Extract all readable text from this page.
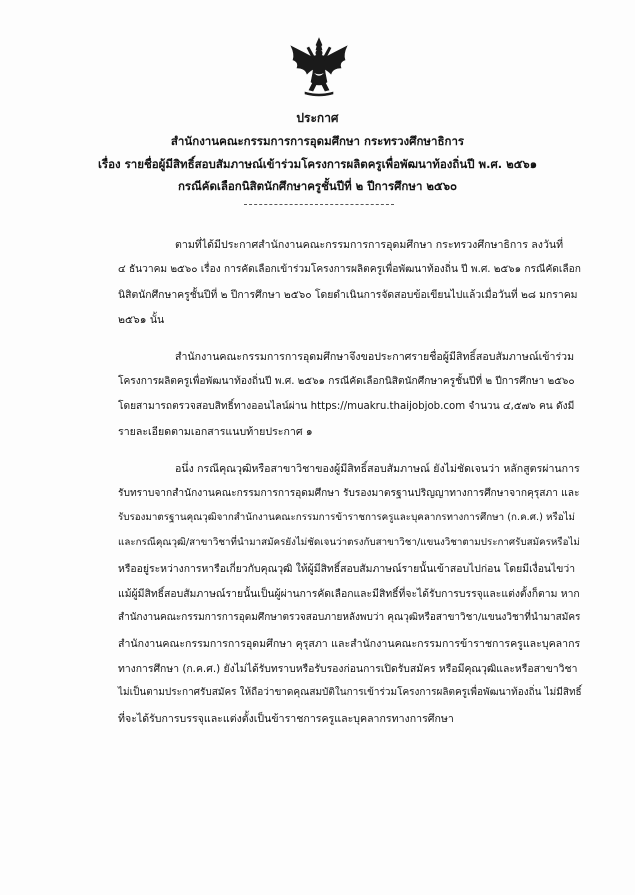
ประกาศ
สำนักงานคณะกรรมการการอุดมศึกษา กระทรวงศึกษาธิการ
เรื่อง รายชื่อผู้มีสิทธิ์สอบสัมภาษณ์เข้าร่วมโครงการผลิตครูเพื่อพัฒนาท้องถิ่นปี พ.ศ. ๒๕๖๑
กรณีคัดเลือกนิสิตนักศึกษาครูชั้นปีที่ ๒ ปีการศึกษา ๒๕๖๐
ตามที่ได้มีประกาศสำนักงานคณะกรรมการการอุดมศึกษา กระทรวงศึกษาธิการ ลงวันที่
๔ ธันวาคม ๒๕๖๐ เรื่อง การคัดเลือกเข้าร่วมโครงการผลิตครูเพื่อพัฒนาท้องถิ่น ปี พ.ศ. ๒๕๖๑ กรณีคัดเลือก
นิสิตนักศึกษาครูชั้นปีที่ ๒ ปีการศึกษา ๒๕๖๐ โดยดำเนินการจัดสอบข้อเขียนไปแล้วเมื่อวันที่ ๒๘ มกราคม
๒๕๖๑ นั้น
สำนักงานคณะกรรมการการอุดมศึกษาจึงขอประกาศรายชื่อผู้มีสิทธิ์สอบสัมภาษณ์เข้าร่วม
โครงการผลิตครูเพื่อพัฒนาท้องถิ่นปี พ.ศ. ๒๕๖๑ กรณีคัดเลือกนิสิตนักศึกษาครูชั้นปีที่ ๒ ปีการศึกษา ๒๕๖๐
โดยสามารถตรวจสอบสิทธิ์ทางออนไลน์ผ่าน https://muakru.thaijobjob.com จำนวน ๔,๕๗๖ คน ดังมี
รายละเอียดตามเอกสารแนบท้ายประกาศ ๑
อนึ่ง กรณีคุณวุฒิหรือสาขาวิชาของผู้มีสิทธิ์สอบสัมภาษณ์ ยังไม่ชัดเจนว่า หลักสูตรผ่านการ
รับทราบจากสำนักงานคณะกรรมการการอุดมศึกษา รับรองมาตรฐานปริญญาทางการศึกษาจากคุรุสภา และ
รับรองมาตรฐานคุณวุฒิจากสำนักงานคณะกรรมการข้าราชการครูและบุคลากรทางการศึกษา (ก.ค.ศ.) หรือไม่
และกรณีคุณวุฒิ/สาขาวิชาที่นำมาสมัครยังไม่ชัดเจนว่าตรงกับสาขาวิชา/แขนงวิชาตามประกาศรับสมัครหรือไม่
หรืออยู่ระหว่างการหารือเกี่ยวกับคุณวุฒิ ให้ผู้มีสิทธิ์สอบสัมภาษณ์รายนั้นเข้าสอบไปก่อน โดยมีเงื่อนไขว่า
แม้ผู้มีสิทธิ์สอบสัมภาษณ์รายนั้นเป็นผู้ผ่านการคัดเลือกและมีสิทธิ์ที่จะได้รับการบรรจุและแต่งตั้งก็ตาม หาก
สำนักงานคณะกรรมการการอุดมศึกษาตรวจสอบภายหลังพบว่า คุณวุฒิหรือสาขาวิชา/แขนงวิชาที่นำมาสมัคร
สำนักงานคณะกรรมการการอุดมศึกษา คุรุสภา และสำนักงานคณะกรรมการข้าราชการครูและบุคลากร
ทางการศึกษา (ก.ค.ศ.) ยังไม่ได้รับทราบหรือรับรองก่อนการเปิดรับสมัคร หรือมีคุณวุฒิและหรือสาขาวิชา
ไม่เป็นตามประกาศรับสมัคร ให้ถือว่าขาดคุณสมบัติในการเข้าร่วมโครงการผลิตครูเพื่อพัฒนาท้องถิ่น ไม่มีสิทธิ์
ที่จะได้รับการบรรจุและแต่งตั้งเป็นข้าราชการครูและบุคลากรทางการศึกษา
